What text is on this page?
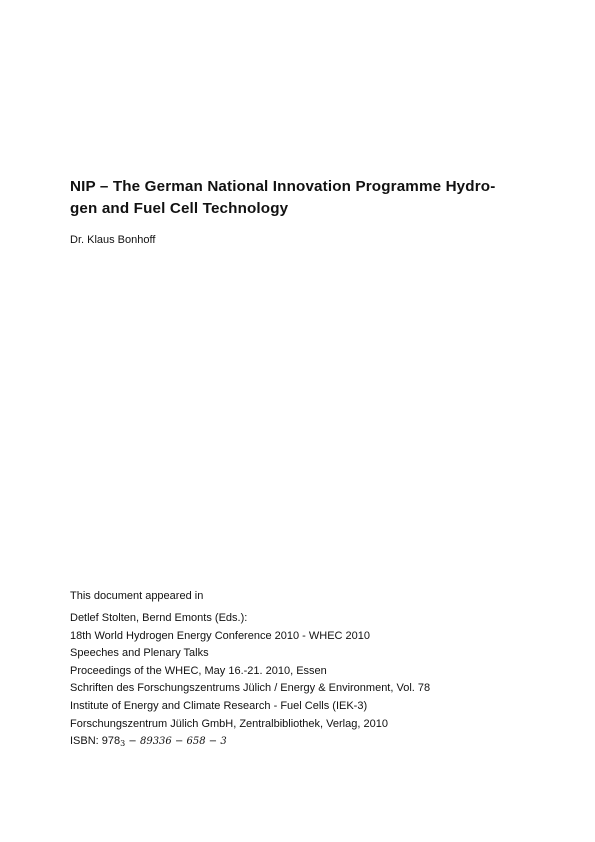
NIP – The German National Innovation Programme Hydro-
gen and Fuel Cell Technology

Dr. Klaus Bonhoff

This document appeared in

Detlef Stolten, Bernd Emonts (Eds.):
18th World Hydrogen Energy Conference 2010 - WHEC 2010
Speeches and Plenary Talks
Proceedings of the WHEC, May 16.-21. 2010, Essen
Schriften des Forschungszentrums Jülich / Energy & Environment, Vol. 78
Institute of Energy and Climate Research - Fuel Cells (IEK-3)
Forschungszentrum Jülich GmbH, Zentralbibliothek, Verlag, 2010
ISBN: $978_3 - 89336 - 658 - 3$
